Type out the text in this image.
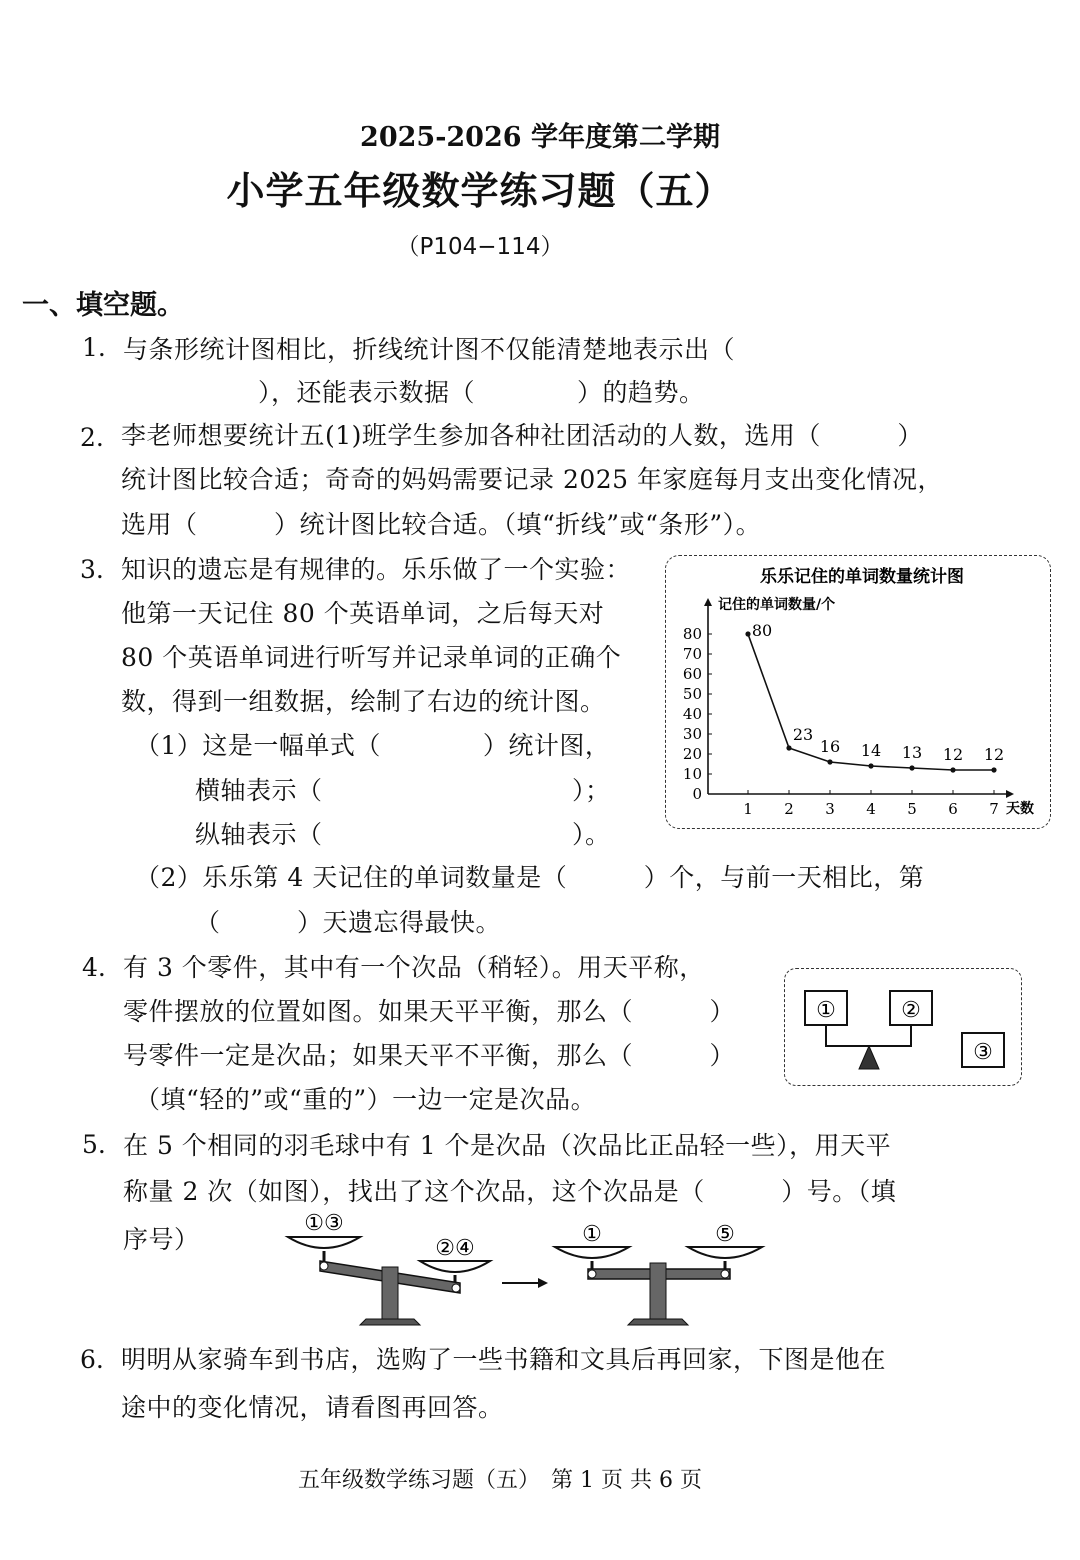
2025-2026 学年度第二学期
小学五年级数学练习题（五）
（P104−114）
一、填空题。
1. 与条形统计图相比，折线统计图不仅能清楚地表示出（
），还能表示数据（　　　　）的趋势。
2. 李老师想要统计五(1)班学生参加各种社团活动的人数，选用（　　　）
统计图比较合适；奇奇的妈妈需要记录 2025 年家庭每月支出变化情况，
选用（　　　）统计图比较合适。（填“折线”或“条形”）。
3. 知识的遗忘是有规律的。乐乐做了一个实验：
他第一天记住 80 个英语单词，之后每天对
80 个英语单词进行听写并记录单词的正确个
数，得到一组数据，绘制了右边的统计图。
（1）这是一幅单式（　　　　）统计图，
横轴表示（	）；
纵轴表示（	）。
（2）乐乐第 4 天记住的单词数量是（　　　）个，与前一天相比，第
（　　　）天遗忘得最快。
乐乐记住的单词数量统计图
记住的单词数量/个
天数
0
10
20
30
40
50
60
70
80
1 2 3 4 5 6 7
80
23
16 14 13 12 12
4. 有 3 个零件，其中有一个次品（稍轻）。用天平称，
零件摆放的位置如图。如果天平平衡，那么（　　　）
号零件一定是次品；如果天平不平衡，那么（　　　）
（填“轻的”或“重的”）一边一定是次品。
①	②
③
5. 在 5 个相同的羽毛球中有 1 个是次品（次品比正品轻一些），用天平
称量 2 次（如图），找出了这个次品，这个次品是（　　　）号。（填
序号）
①③
②④
①	⑤
6. 明明从家骑车到书店，选购了一些书籍和文具后再回家，下图是他在
途中的变化情况，请看图再回答。
五年级数学练习题（五）　第 1 页 共 6 页
